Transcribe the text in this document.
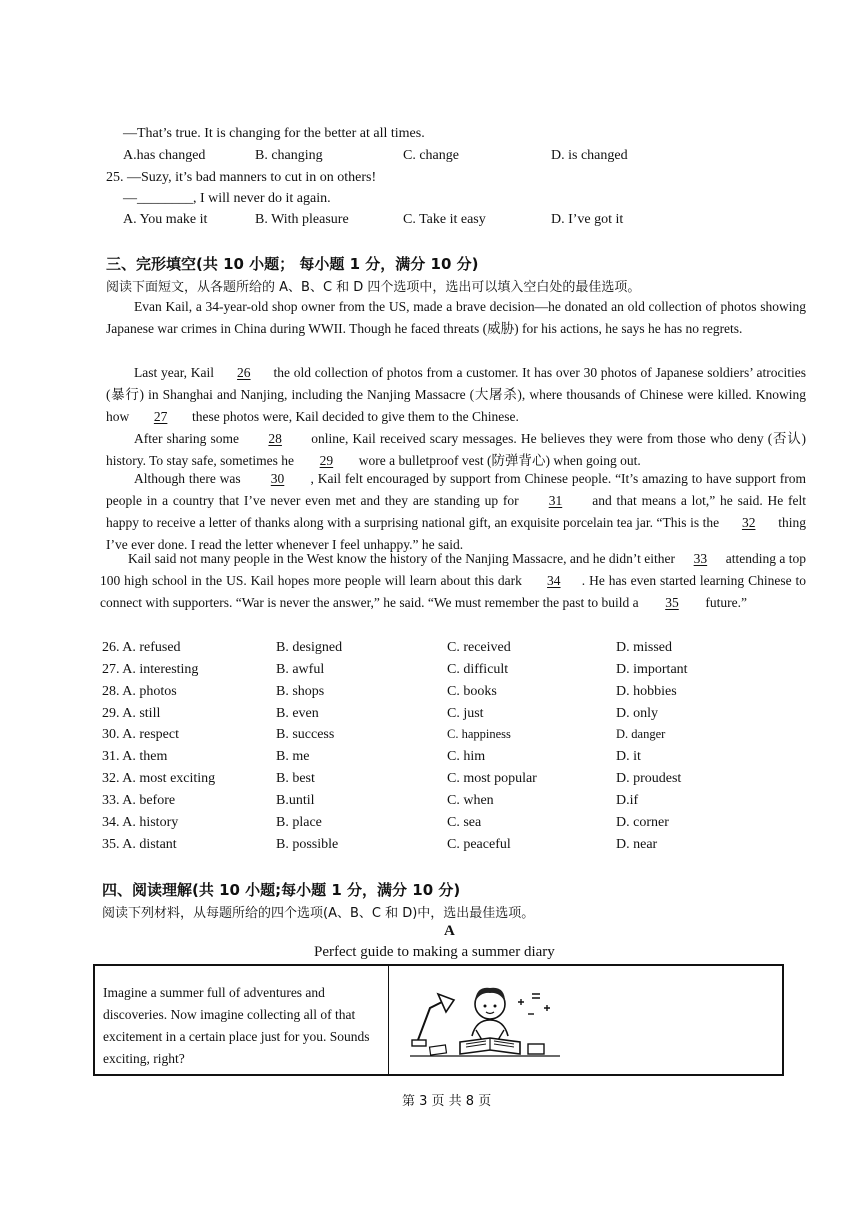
—That’s true. It is changing for the better at all times.
A.has changed	B. changing	C. change	D. is changed
25. —Suzy, it’s bad manners to cut in on others!
—________, I will never do it again.
A. You make it	B. With pleasure	C. Take it easy	D. I’ve got it
三、完形填空(共 10 小题； 每小题 1 分，满分 10 分)
阅读下面短文，从各题所给的 A、B、C 和 D 四个选项中，选出可以填入空白处的最佳选项。
Evan Kail, a 34-year-old shop owner from the US, made a brave decision—he donated an old collection of photos showing Japanese war crimes in China during WWII. Though he faced threats (威胁) for his actions, he says he has no regrets.
Last year, Kail 26 the old collection of photos from a customer. It has over 30 photos of Japanese soldiers’ atrocities (暴行) in Shanghai and Nanjing, including the Nanjing Massacre (大屠杀), where thousands of Chinese were killed. Knowing how 27 these photos were, Kail decided to give them to the Chinese.
After sharing some 28 online, Kail received scary messages. He believes they were from those who deny (否认) history. To stay safe, sometimes he 29 wore a bulletproof vest (防弹背心) when going out.
Although there was 30 , Kail felt encouraged by support from Chinese people. “It’s amazing to have support from people in a country that I’ve never even met and they are standing up for 31 and that means a lot,” he said. He felt happy to receive a letter of thanks along with a surprising national gift, an exquisite porcelain tea jar. “This is the 32 thing I’ve ever done. I read the letter whenever I feel unhappy.” he said.
Kail said not many people in the West know the history of the Nanjing Massacre, and he didn’t either 33 attending a top 100 high school in the US. Kail hopes more people will learn about this dark 34 . He has even started learning Chinese to connect with supporters. “War is never the answer,” he said. “We must remember the past to build a 35 future.”
26. A. refused	B. designed	C. received	D. missed
27. A. interesting	B. awful	C. difficult	D. important
28. A. photos	B. shops	C. books	D. hobbies
29. A. still	B. even	C. just	D. only
30. A. respect	B. success	C. happiness	D. danger
31. A. them	B. me	C. him	D. it
32. A. most exciting	B. best	C. most popular	D. proudest
33. A. before	B.until	C. when	D.if
34. A. history	B. place	C. sea	D. corner
35. A. distant	B. possible	C. peaceful	D. near
四、阅读理解(共 10 小题;每小题 1 分，满分 10 分)
阅读下列材料，从每题所给的四个选项(A、B、C 和 D)中，选出最佳选项。
A
Perfect guide to making a summer diary
Imagine a summer full of adventures and discoveries. Now imagine collecting all of that excitement in a certain place just for you. Sounds exciting, right?
第 3 页 共 8 页
